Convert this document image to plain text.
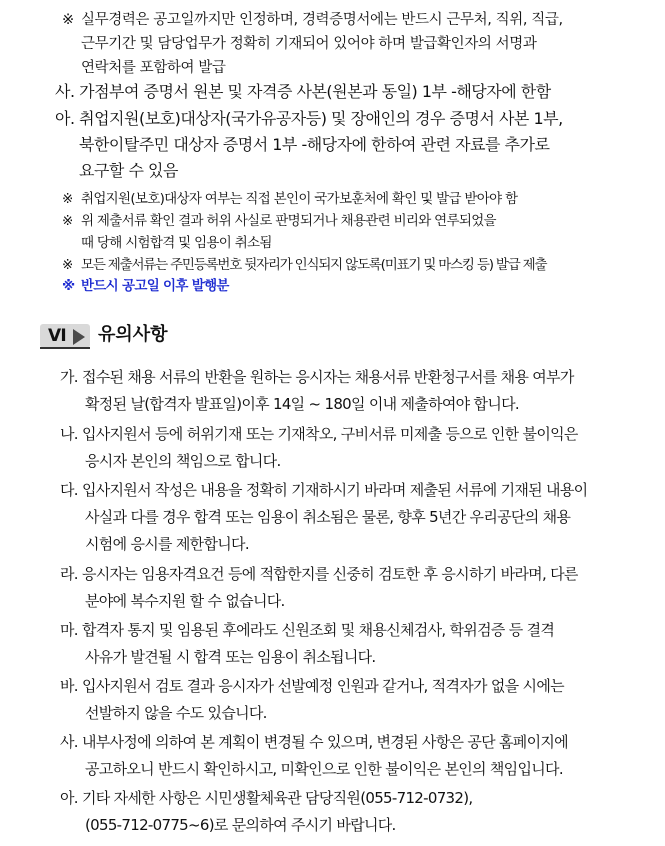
※ 실무경력은 공고일까지만 인정하며, 경력증명서에는 반드시 근무처, 직위, 직급,
근무기간 및 담당업무가 정확히 기재되어 있어야 하며 발급확인자의 서명과
연락처를 포함하여 발급
사. 가점부여 증명서 원본 및 자격증 사본(원본과 동일) 1부 -해당자에 한함
아. 취업지원(보호)대상자(국가유공자등) 및 장애인의 경우 증명서 사본 1부,
북한이탈주민 대상자 증명서 1부 -해당자에 한하여 관련 자료를 추가로
요구할 수 있음
※ 취업지원(보호)대상자 여부는 직접 본인이 국가보훈처에 확인 및 발급 받아야 함
※ 위 제출서류 확인 결과 허위 사실로 판명되거나 채용관련 비리와 연루되었을
때 당해 시험합격 및 임용이 취소됨
※ 모든 제출서류는 주민등록번호 뒷자리가 인식되지 않도록(미표기 및 마스킹 등) 발급 제출
※ 반드시 공고일 이후 발행분
Ⅵ 유의사항
가. 접수된 채용 서류의 반환을 원하는 응시자는 채용서류 반환청구서를 채용 여부가
확정된 날(합격자 발표일)이후 14일 ~ 180일 이내 제출하여야 합니다.
나. 입사지원서 등에 허위기재 또는 기재착오, 구비서류 미제출 등으로 인한 불이익은
응시자 본인의 책임으로 합니다.
다. 입사지원서 작성은 내용을 정확히 기재하시기 바라며 제출된 서류에 기재된 내용이
사실과 다를 경우 합격 또는 임용이 취소됨은 물론, 향후 5년간 우리공단의 채용
시험에 응시를 제한합니다.
라. 응시자는 임용자격요건 등에 적합한지를 신중히 검토한 후 응시하기 바라며, 다른
분야에 복수지원 할 수 없습니다.
마. 합격자 통지 및 임용된 후에라도 신원조회 및 채용신체검사, 학위검증 등 결격
사유가 발견될 시 합격 또는 임용이 취소됩니다.
바. 입사지원서 검토 결과 응시자가 선발예정 인원과 같거나, 적격자가 없을 시에는
선발하지 않을 수도 있습니다.
사. 내부사정에 의하여 본 계획이 변경될 수 있으며, 변경된 사항은 공단 홈페이지에
공고하오니 반드시 확인하시고, 미확인으로 인한 불이익은 본인의 책임입니다.
아. 기타 자세한 사항은 시민생활체육관 담당직원(055-712-0732),
(055-712-0775~6)로 문의하여 주시기 바랍니다.
